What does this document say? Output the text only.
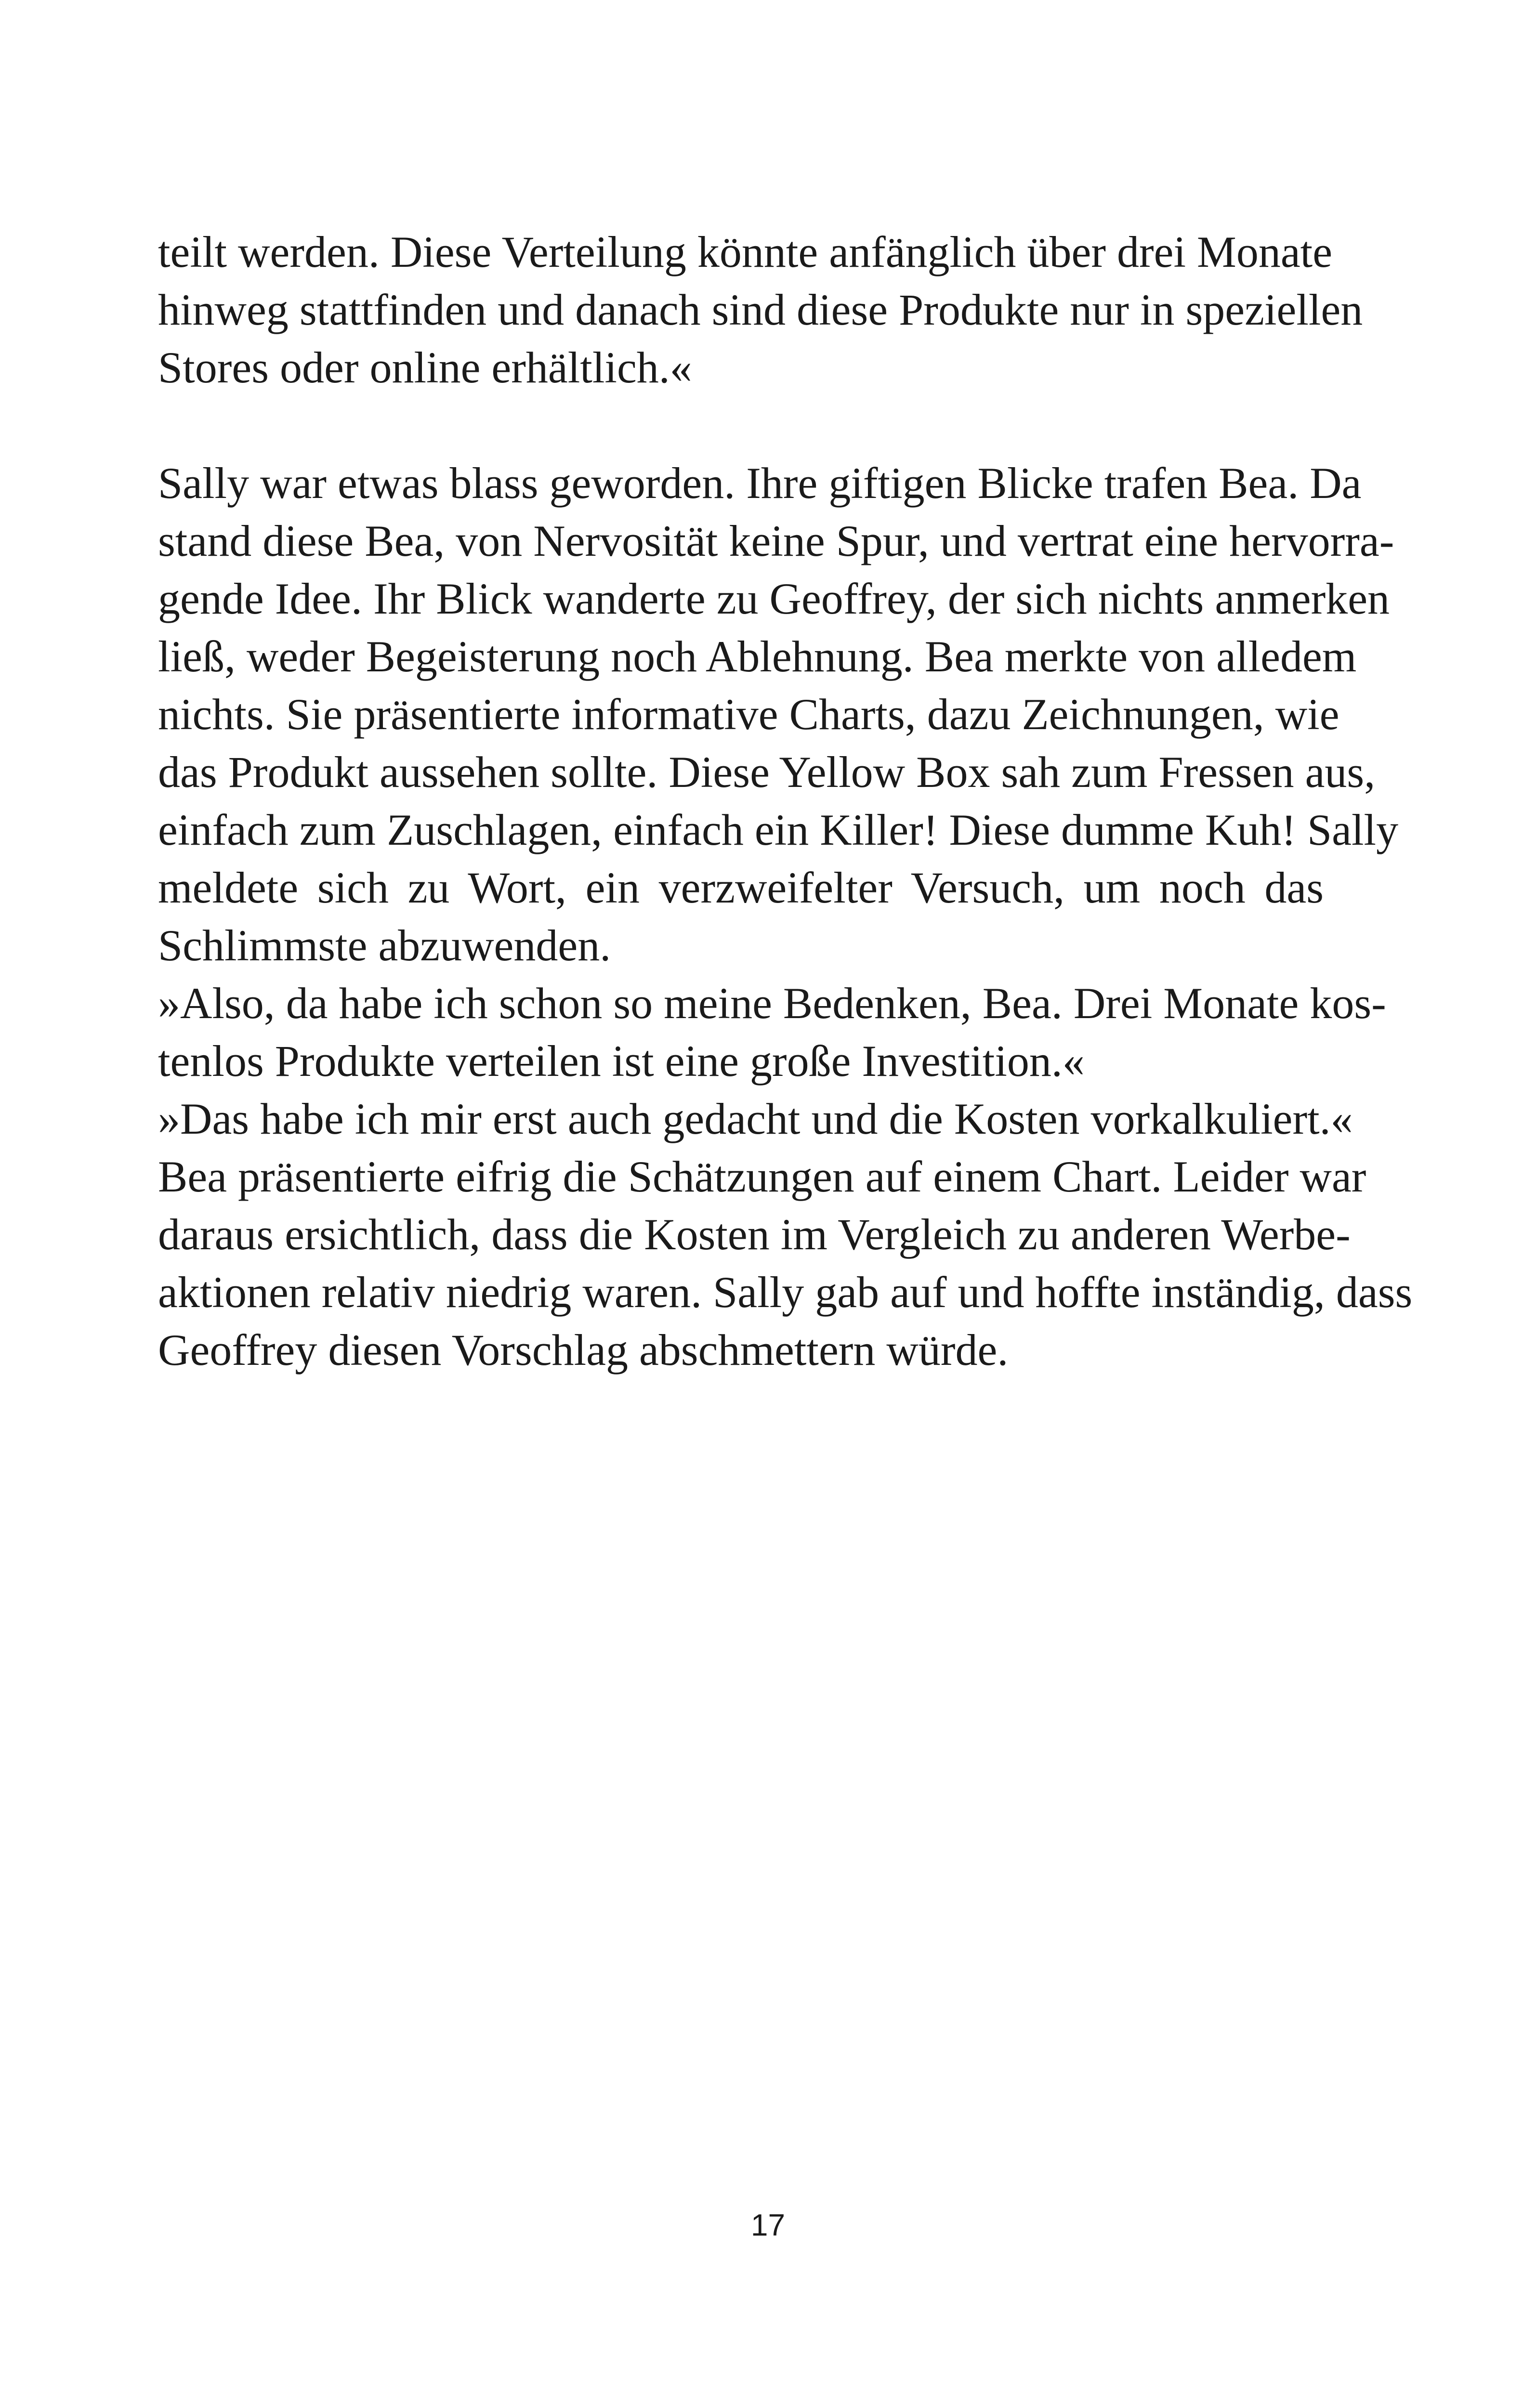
teilt werden. Diese Verteilung könnte anfänglich über drei Monate
hinweg stattfinden und danach sind diese Produkte nur in speziellen
Stores oder online erhältlich.«
Sally war etwas blass geworden. Ihre giftigen Blicke trafen Bea. Da
stand diese Bea, von Nervosität keine Spur, und vertrat eine hervorra-
gende Idee. Ihr Blick wanderte zu Geoffrey, der sich nichts anmerken
ließ, weder Begeisterung noch Ablehnung. Bea merkte von alledem
nichts. Sie präsentierte informative Charts, dazu Zeichnungen, wie
das Produkt aussehen sollte. Diese Yellow Box sah zum Fressen aus,
einfach zum Zuschlagen, einfach ein Killer! Diese dumme Kuh! Sally
meldete sich zu Wort, ein verzweifelter Versuch, um noch das
Schlimmste abzuwenden.
»Also, da habe ich schon so meine Bedenken, Bea. Drei Monate kos-
tenlos Produkte verteilen ist eine große Investition.«
»Das habe ich mir erst auch gedacht und die Kosten vorkalkuliert.«
Bea präsentierte eifrig die Schätzungen auf einem Chart. Leider war
daraus ersichtlich, dass die Kosten im Vergleich zu anderen Werbe-
aktionen relativ niedrig waren. Sally gab auf und hoffte inständig, dass
Geoffrey diesen Vorschlag abschmettern würde.
17
